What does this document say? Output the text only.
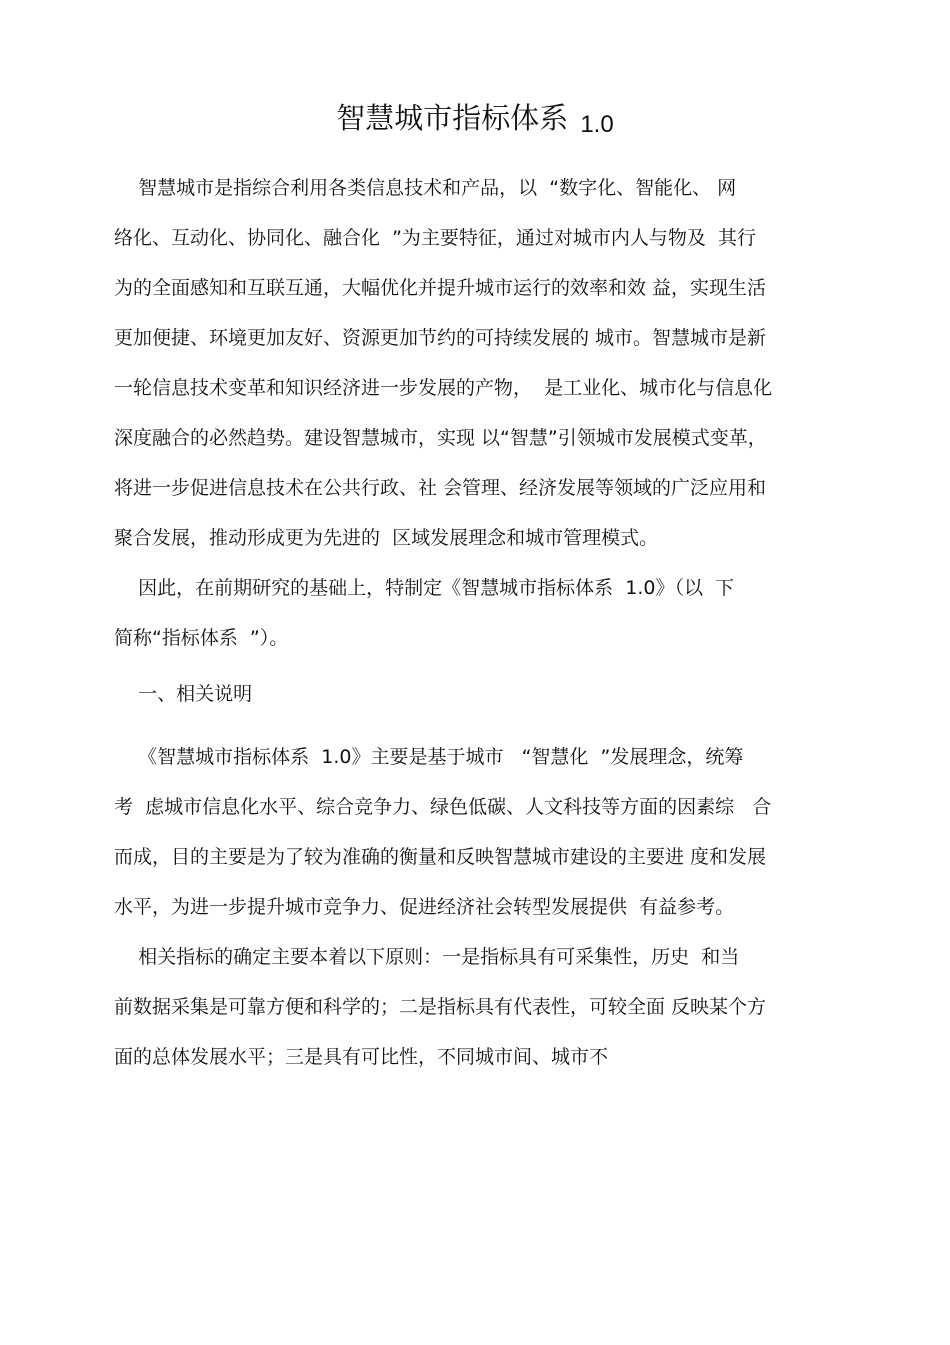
智慧城市指标体系 1.0
智慧城市是指综合利用各类信息技术和产品，以  “数字化、智能化、 网
络化、互动化、协同化、融合化  ”为主要特征，通过对城市内人与物及  其行
为的全面感知和互联互通，大幅优化并提升城市运行的效率和效 益，实现生活
更加便捷、环境更加友好、资源更加节约的可持续发展的 城市。智慧城市是新
一轮信息技术变革和知识经济进一步发展的产物，  是工业化、城市化与信息化
深度融合的必然趋势。建设智慧城市，实现 以“智慧”引领城市发展模式变革，
将进一步促进信息技术在公共行政、社 会管理、经济发展等领域的广泛应用和
聚合发展，推动形成更为先进的  区域发展理念和城市管理模式。
因此，在前期研究的基础上，特制定《智慧城市指标体系  1.0》（以  下
简称“指标体系  ”）。
一、相关说明
《智慧城市指标体系  1.0》主要是基于城市   “智慧化  ”发展理念，统筹
考  虑城市信息化水平、综合竞争力、绿色低碳、人文科技等方面的因素综   合
而成，目的主要是为了较为准确的衡量和反映智慧城市建设的主要进 度和发展
水平，为进一步提升城市竞争力、促进经济社会转型发展提供  有益参考。
相关指标的确定主要本着以下原则：一是指标具有可采集性，历史  和当
前数据采集是可靠方便和科学的；二是指标具有代表性，可较全面 反映某个方
面的总体发展水平；三是具有可比性，不同城市间、城市不
